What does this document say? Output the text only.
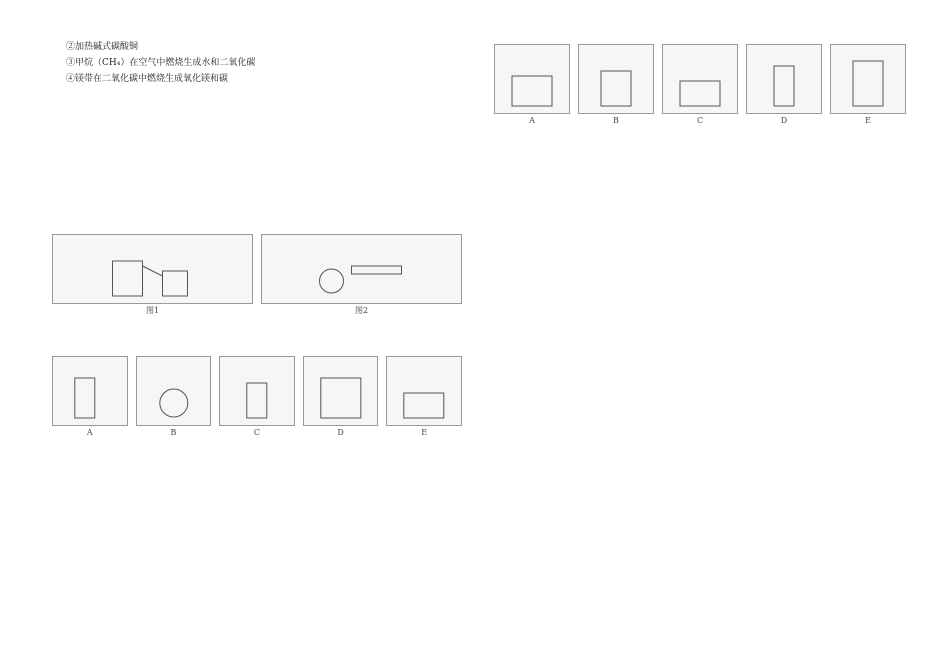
②加热碱式碳酸铜
③甲烷（CH₄）在空气中燃烧生成水和二氧化碳
④镁带在二氧化碳中燃烧生成氧化镁和碳
图1	图2
A	B	C	D	E
A	B	C	D	E
